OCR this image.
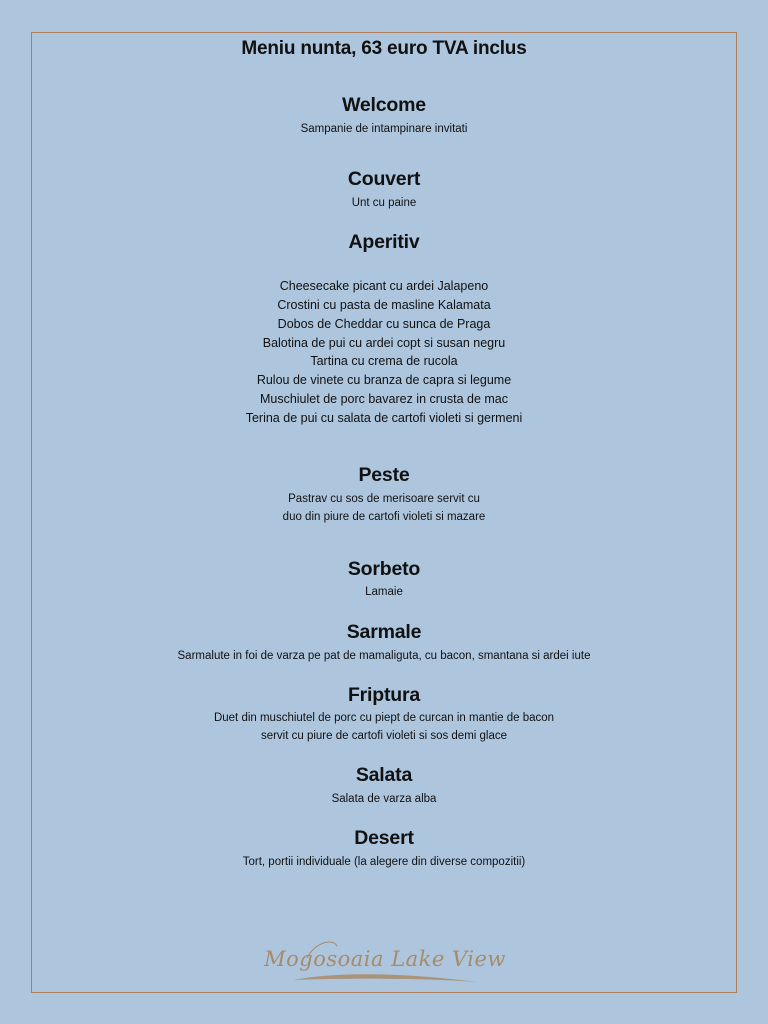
Meniu nunta, 63 euro TVA inclus
Welcome
Sampanie de intampinare invitati
Couvert
Unt cu paine
Aperitiv
Cheesecake picant cu ardei Jalapeno
Crostini cu pasta de masline Kalamata
Dobos de Cheddar cu sunca de Praga
Balotina de pui cu ardei copt si susan negru
Tartina cu crema de rucola
Rulou de vinete cu branza de capra si legume
Muschiulet de porc bavarez in crusta de mac
Terina de pui cu salata de cartofi violeti si germeni
Peste
Pastrav cu sos de merisoare servit cu
duo din piure de cartofi violeti si mazare
Sorbeto
Lamaie
Sarmale
Sarmalute in foi de varza pe pat de mamaliguta, cu bacon, smantana si ardei iute
Friptura
Duet din muschiutel de porc cu piept de curcan in mantie de bacon
servit cu piure de cartofi violeti si sos demi glace
Salata
Salata de varza alba
Desert
Tort, portii individuale (la alegere din diverse compozitii)
Mogosoaia Lake View
